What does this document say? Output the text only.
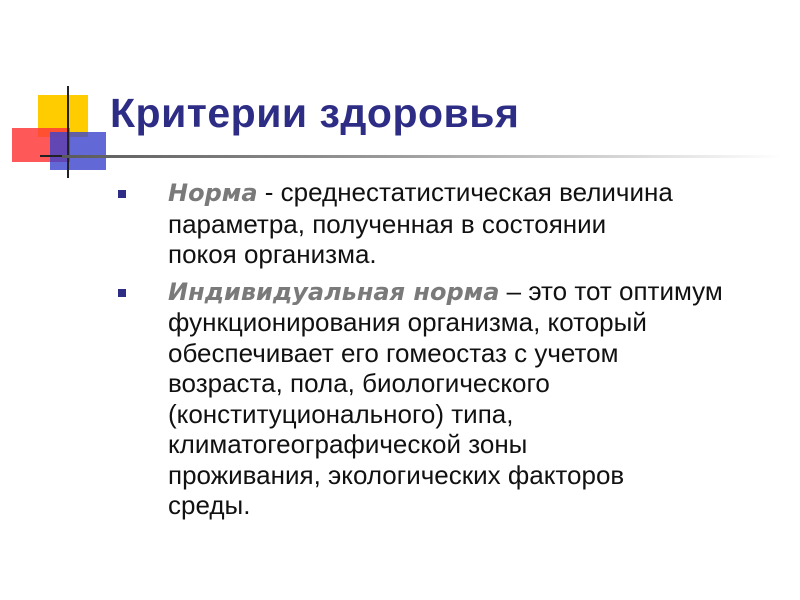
Критерии здоровья
Норма - среднестатистическая величина
параметра, полученная в состоянии
покоя организма.
Индивидуальная норма – это тот оптимум
функционирования организма, который
обеспечивает его гомеостаз с учетом
возраста, пола, биологического
(конституционального) типа,
климатогеографической зоны
проживания, экологических факторов
среды.
